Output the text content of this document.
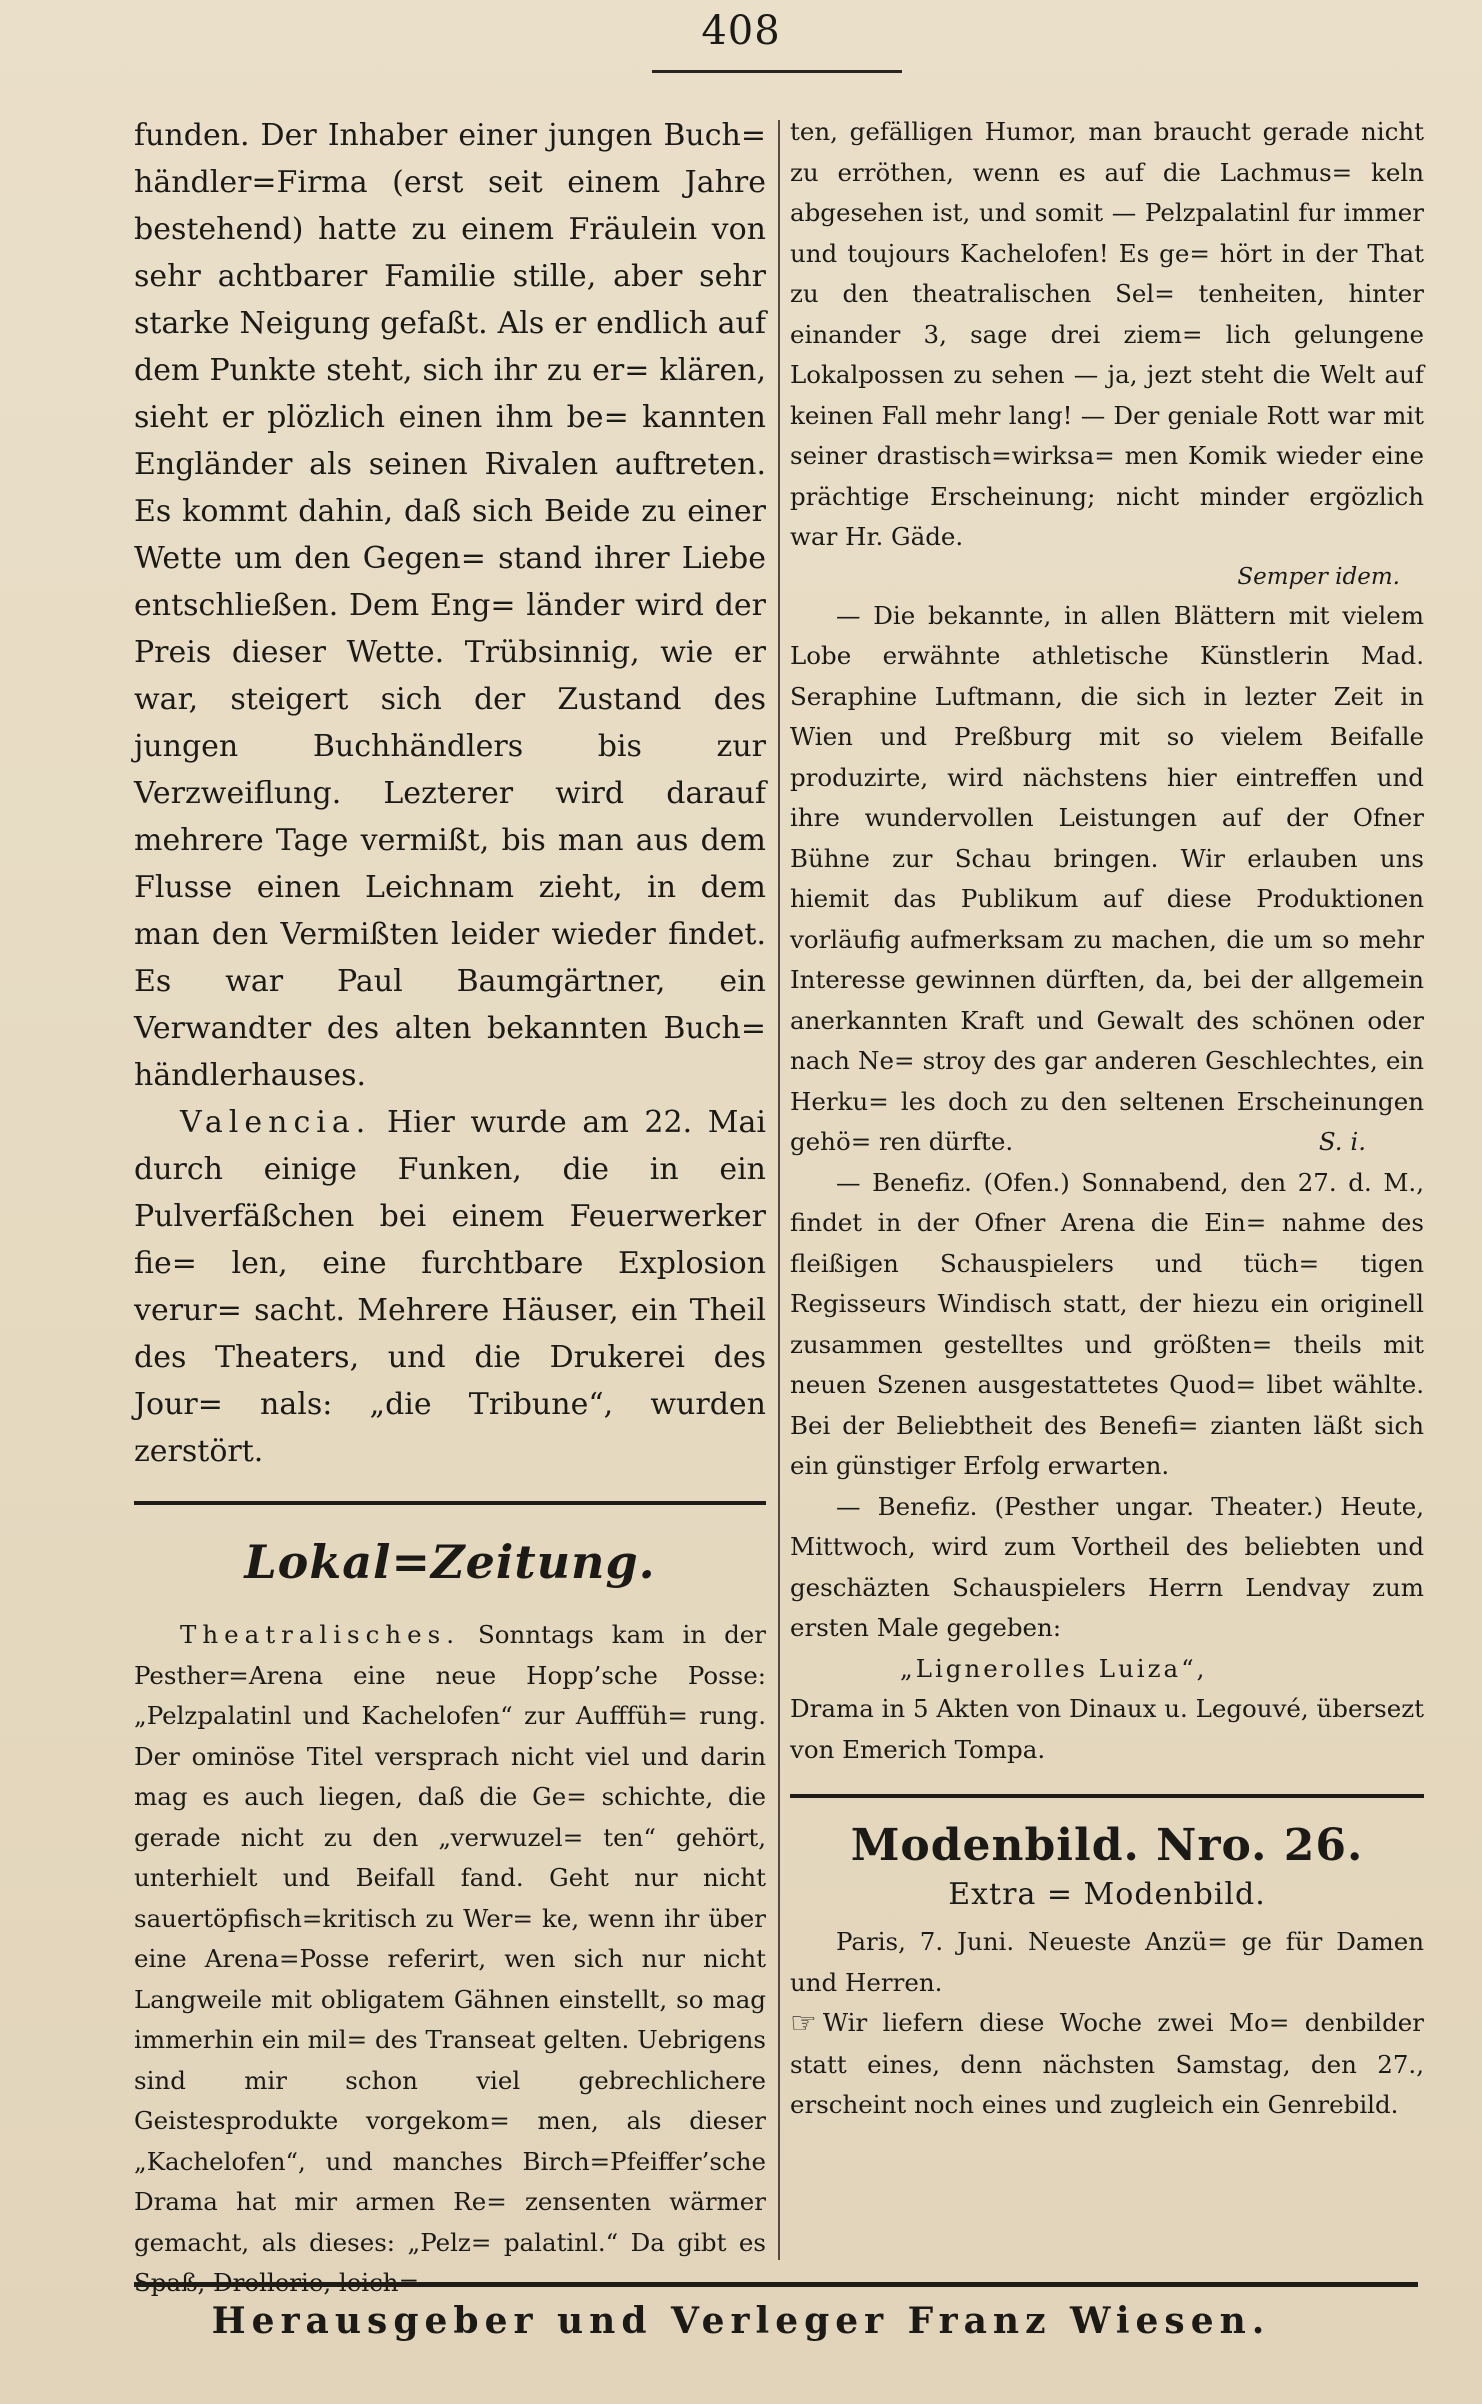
408

funden. Der Inhaber einer jungen Buch= händler=Firma (erst seit einem Jahre bestehend) hatte zu einem Fräulein von sehr achtbarer Familie stille, aber sehr starke Neigung gefaßt. Als er endlich auf dem Punkte steht, sich ihr zu er= klären, sieht er plözlich einen ihm be= kannten Engländer als seinen Rivalen auftreten. Es kommt dahin, daß sich Beide zu einer Wette um den Gegen= stand ihrer Liebe entschließen. Dem Eng= länder wird der Preis dieser Wette. Trübsinnig, wie er war, steigert sich der Zustand des jungen Buchhändlers bis zur Verzweiflung. Lezterer wird darauf mehrere Tage vermißt, bis man aus dem Flusse einen Leichnam zieht, in dem man den Vermißten leider wieder findet. Es war Paul Baumgärtner, ein Verwandter des alten bekannten Buch= händlerhauses.

Valencia. Hier wurde am 22. Mai durch einige Funken, die in ein Pulverfäßchen bei einem Feuerwerker fie= len, eine furchtbare Explosion verur= sacht. Mehrere Häuser, ein Theil des Theaters, und die Drukerei des Jour= nals: „die Tribune“, wurden zerstört.

Lokal=Zeitung.

Theatralisches. Sonntags kam in der Pesther=Arena eine neue Hopp’sche Posse: „Pelzpalatinl und Kachelofen“ zur Aufffüh= rung. Der ominöse Titel versprach nicht viel und darin mag es auch liegen, daß die Ge= schichte, die gerade nicht zu den „verwuzel= ten“ gehört, unterhielt und Beifall fand. Geht nur nicht sauertöpfisch=kritisch zu Wer= ke, wenn ihr über eine Arena=Posse referirt, wen sich nur nicht Langweile mit obligatem Gähnen einstellt, so mag immerhin ein mil= des Transeat gelten. Uebrigens sind mir schon viel gebrechlichere Geistesprodukte vorgekom= men, als dieser „Kachelofen“, und manches Birch=Pfeiffer’sche Drama hat mir armen Re= zensenten wärmer gemacht, als dieses: „Pelz= palatinl.“ Da gibt es

ten, gefälligen Humor, man braucht gerade nicht zu erröthen, wenn es auf die Lachmus= keln abgesehen ist, und somit — Pelzpalatinl fur immer und toujours Kachelofen! Es ge= hört in der That zu den theatralischen Sel= tenheiten, hinter einander 3, sage drei ziem= lich gelungene Lokalpossen zu sehen — ja, jezt steht die Welt auf keinen Fall mehr lang! — Der geniale Rott war mit seiner drastisch=wirksa= men Komik wieder eine prächtige Erscheinung; nicht minder ergözlich war Hr. Gäde.

Semper idem.

— Die bekannte, in allen Blättern mit vielem Lobe erwähnte athletische Künstlerin Mad. Seraphine Luftmann, die sich in lezter Zeit in Wien und Preßburg mit so vielem Beifalle produzirte, wird nächstens hier eintreffen und ihre wundervollen Leistungen auf der Ofner Bühne zur Schau bringen. Wir erlauben uns hiemit das Publikum auf diese Produktionen vorläufig aufmerksam zu machen, die um so mehr Interesse gewinnen dürften, da, bei der allgemein anerkannten Kraft und Gewalt des schönen oder nach Ne= stroy des gar anderen Geschlechtes, ein Herku= les doch zu den seltenen Erscheinungen gehö= ren dürfte.	S. i.

— Benefiz. (Ofen.) Sonnabend, den 27. d. M., findet in der Ofner Arena die Ein= nahme des fleißigen Schauspielers und tüch= tigen Regisseurs Windisch statt, der hiezu ein originell zusammen gestelltes und größten= theils mit neuen Szenen ausgestattetes Quod= libet wählte. Bei der Beliebtheit des Benefi= zianten läßt sich ein günstiger Erfolg erwarten.

— Benefiz. (Pesther ungar. Theater.) Heute, Mittwoch, wird zum Vortheil des beliebten und geschäzten Schauspielers Herrn Lendvay zum ersten Male gegeben:

„Lignerolles Luiza“,

Drama in 5 Akten von Dinaux u. Legouvé, übersezt von Emerich Tompa.

Modenbild. Nro. 26.
Extra = Modenbild.

Paris, 7. Juni. Neueste Anzü= ge für Damen und Herren.

☞ Wir liefern diese Woche zwei Mo= denbilder statt eines, denn nächsten Samstag, den 27., erscheint noch eines und zugleich ein Genrebild.

Herausgeber und Verleger Franz Wiesen.
